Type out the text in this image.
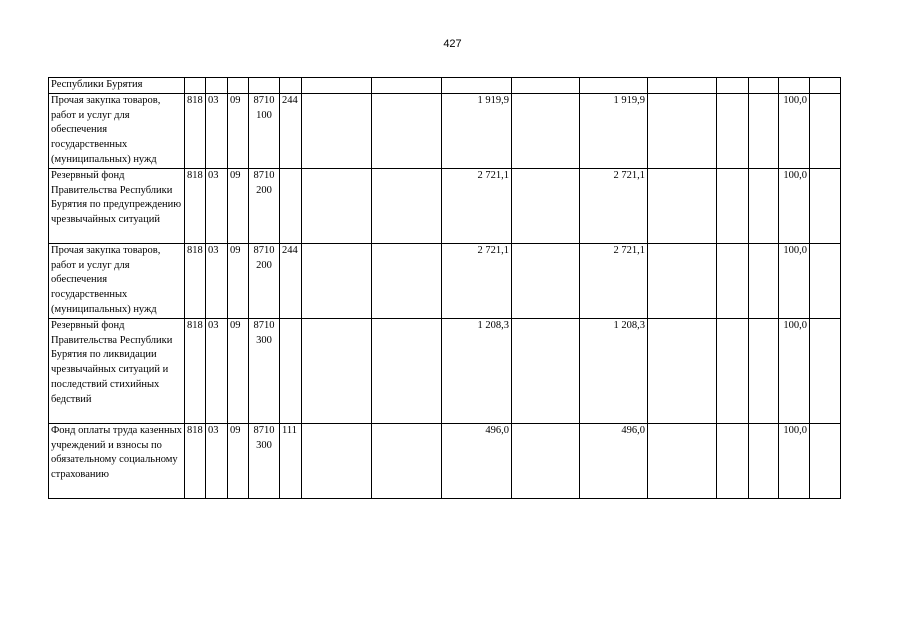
427
Республики Бурятия															
Прочая закупка товаров, работ и услуг для обеспечения государственных (муниципальных) нужд	818	03	09	8710 100	244			1 919,9		1 919,9				100,0	
Резервный фонд Правительства Республики Бурятия по предупреждению чрезвычайных ситуаций	818	03	09	8710 200				2 721,1		2 721,1				100,0	
Прочая закупка товаров, работ и услуг для обеспечения государственных (муниципальных) нужд	818	03	09	8710 200	244			2 721,1		2 721,1				100,0	
Резервный фонд Правительства Республики Бурятия по ликвидации чрезвычайных ситуаций и последствий стихийных бедствий	818	03	09	8710 300				1 208,3		1 208,3				100,0	
Фонд оплаты труда казенных учреждений и взносы по обязательному социальному страхованию	818	03	09	8710 300	111			496,0		496,0				100,0	
